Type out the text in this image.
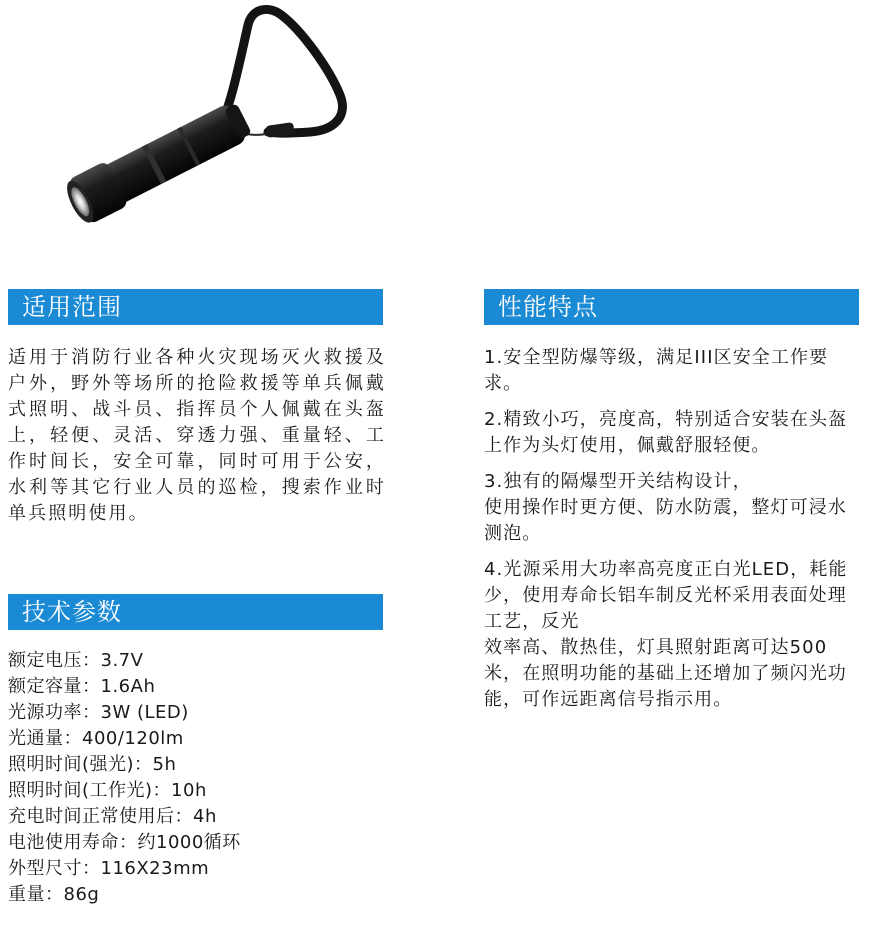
适用范围
适用于消防行业各种火灾现场灭火救援及户外，野外等场所的抢险救援等单兵佩戴式照明、战斗员、指挥员个人佩戴在头盔上，轻便、灵活、穿透力强、重量轻、工作时间长，安全可靠，同时可用于公安，水利等其它行业人员的巡检，搜索作业时单兵照明使用。
性能特点

1.安全型防爆等级，满足III区安全工作要求。

2.精致小巧，亮度高，特别适合安装在头盔上作为头灯使用，佩戴舒服轻便。

3.独有的隔爆型开关结构设计，
使用操作时更方便、防水防震，整灯可浸水测泡。

4.光源采用大功率高亮度正白光LED，耗能少，使用寿命长铝车制反光杯采用表面处理工艺，反光
效率高、散热佳，灯具照射距离可达500米，在照明功能的基础上还增加了频闪光功能，可作远距离信号指示用。

技术参数
额定电压：3.7V
额定容量：1.6Ah
光源功率：3W (LED)
光通量：400/120lm
照明时间(强光)：5h
照明时间(工作光)：10h
充电时间正常使用后：4h
电池使用寿命：约1000循环
外型尺寸：116X23mm
重量：86g
